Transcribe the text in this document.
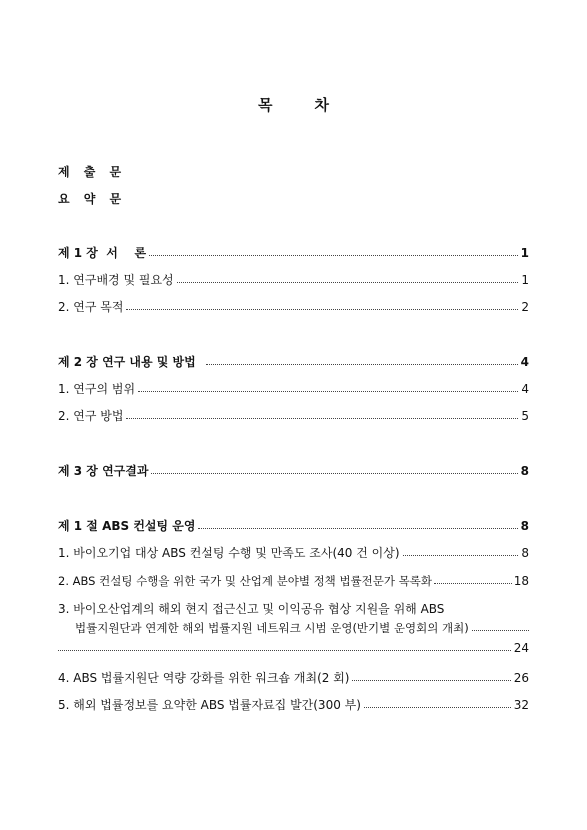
목	차
제 출 문
요 약 문
제 1 장  서    론	1
1. 연구배경 및 필요성	1
2. 연구 목적	2
제 2 장 연구 내용 및 방법	4
1. 연구의 범위	4
2. 연구 방법	5
제 3 장 연구결과	8
제 1 절 ABS 컨설팅 운영	8
1. 바이오기업 대상 ABS 컨설팅 수행 및 만족도 조사(40 건 이상)	8
2. ABS 컨설팅 수행을 위한 국가 및 산업계 분야별 정책 법률전문가 목록화	18
3. 바이오산업계의 해외 현지 접근신고 및 이익공유 협상 지원을 위해 ABS
법률지원단과 연계한 해외 법률지원 네트워크 시범 운영(반기별 운영회의 개최)
24
4. ABS 법률지원단 역량 강화를 위한 워크숍 개최(2 회)	26
5. 해외 법률정보를 요약한 ABS 법률자료집 발간(300 부)	32
